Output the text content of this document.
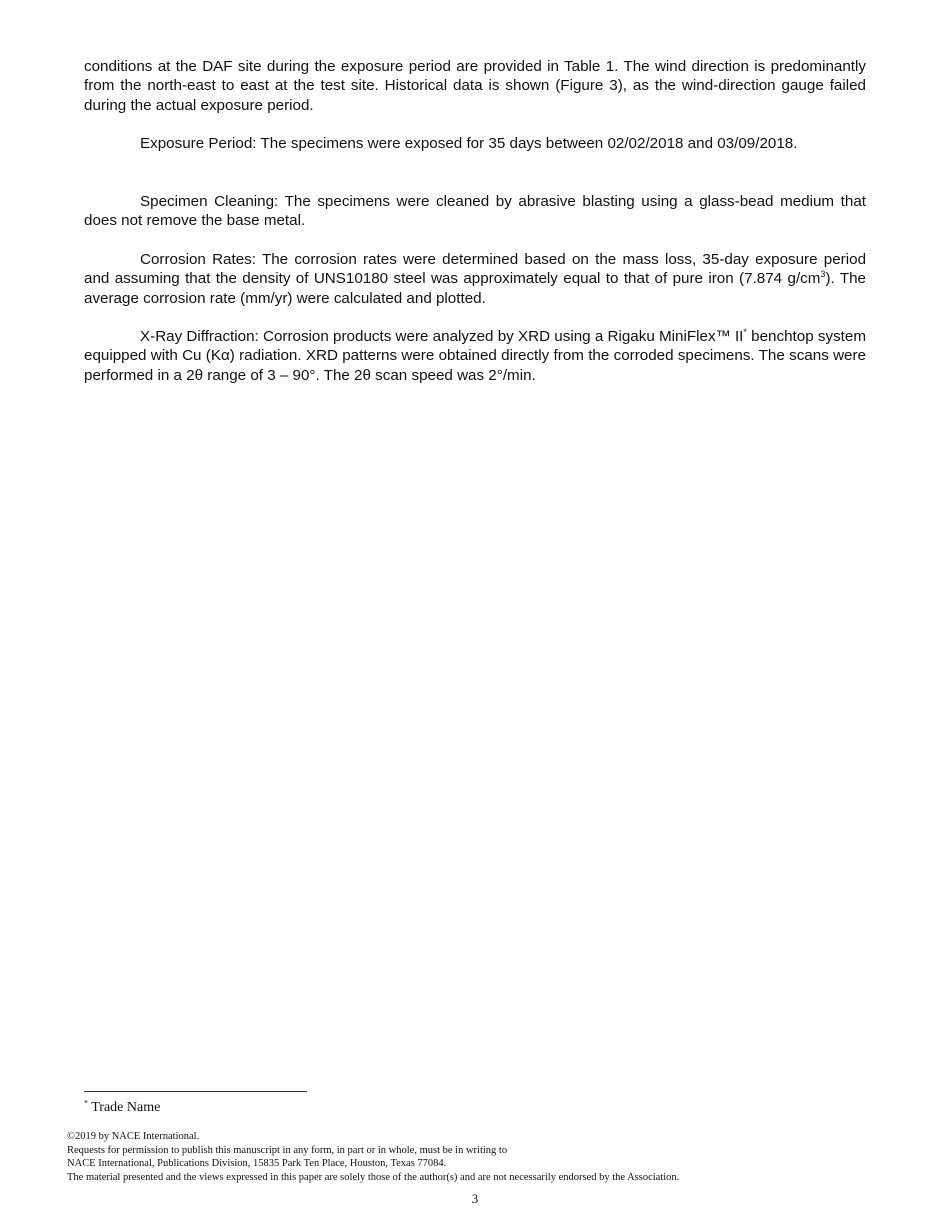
conditions at the DAF site during the exposure period are provided in Table 1. The wind direction is predominantly from the north-east to east at the test site. Historical data is shown (Figure 3), as the wind-direction gauge failed during the actual exposure period.

Exposure Period: The specimens were exposed for 35 days between 02/02/2018 and 03/09/2018.

Specimen Cleaning: The specimens were cleaned by abrasive blasting using a glass-bead medium that does not remove the base metal.

Corrosion Rates: The corrosion rates were determined based on the mass loss, 35-day exposure period and assuming that the density of UNS10180 steel was approximately equal to that of pure iron (7.874 $g/cm^3$). The average corrosion rate (mm/yr) were calculated and plotted.

X-Ray Diffraction: Corrosion products were analyzed by XRD using a Rigaku MiniFlex™ II* benchtop system equipped with Cu (Kα) radiation. XRD patterns were obtained directly from the corroded specimens. The scans were performed in a 2θ range of 3 – 90°. The 2θ scan speed was 2°/min.

* Trade Name
©2019 by NACE International.
Requests for permission to publish this manuscript in any form, in part or in whole, must be in writing to
NACE International, Publications Division, 15835 Park Ten Place, Houston, Texas 77084.
The material presented and the views expressed in this paper are solely those of the author(s) and are not necessarily endorsed by the Association.
3
